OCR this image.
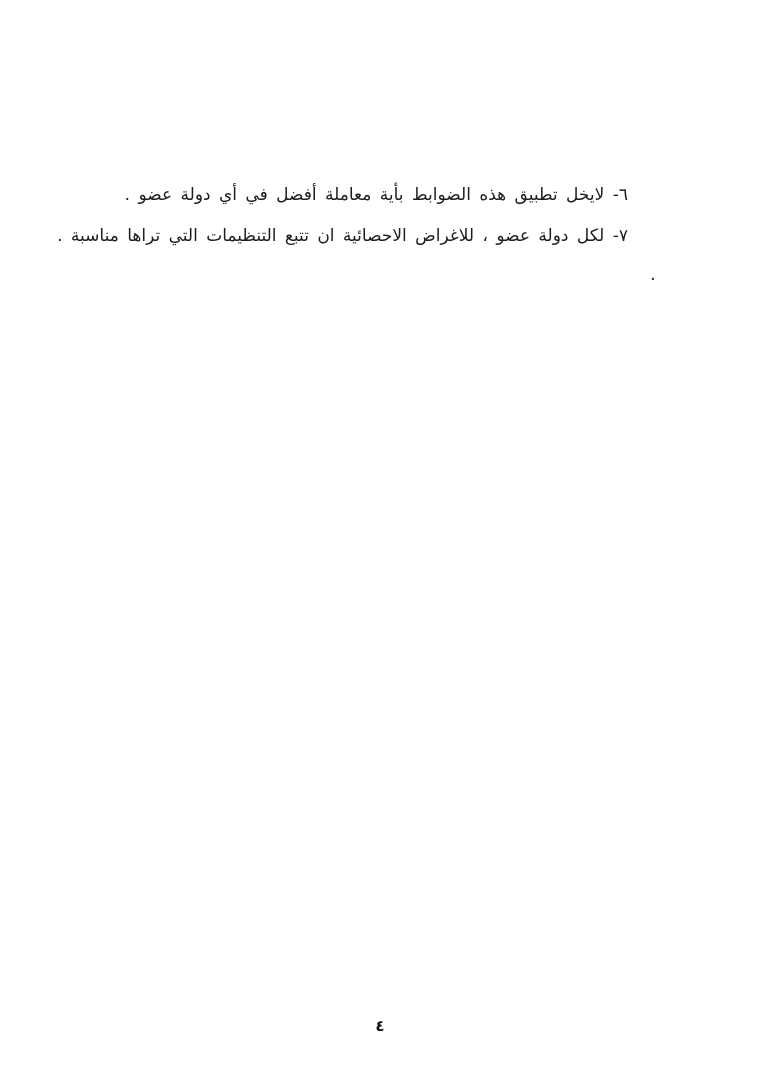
٦- لايخل تطبيق هذه الضوابط بأية معاملة أفضل في أي دولة عضو .

٧- لكل دولة عضو ، للاغراض الاحصائية ان تتبع التنظيمات التي تراها مناسبة .

.
٤
